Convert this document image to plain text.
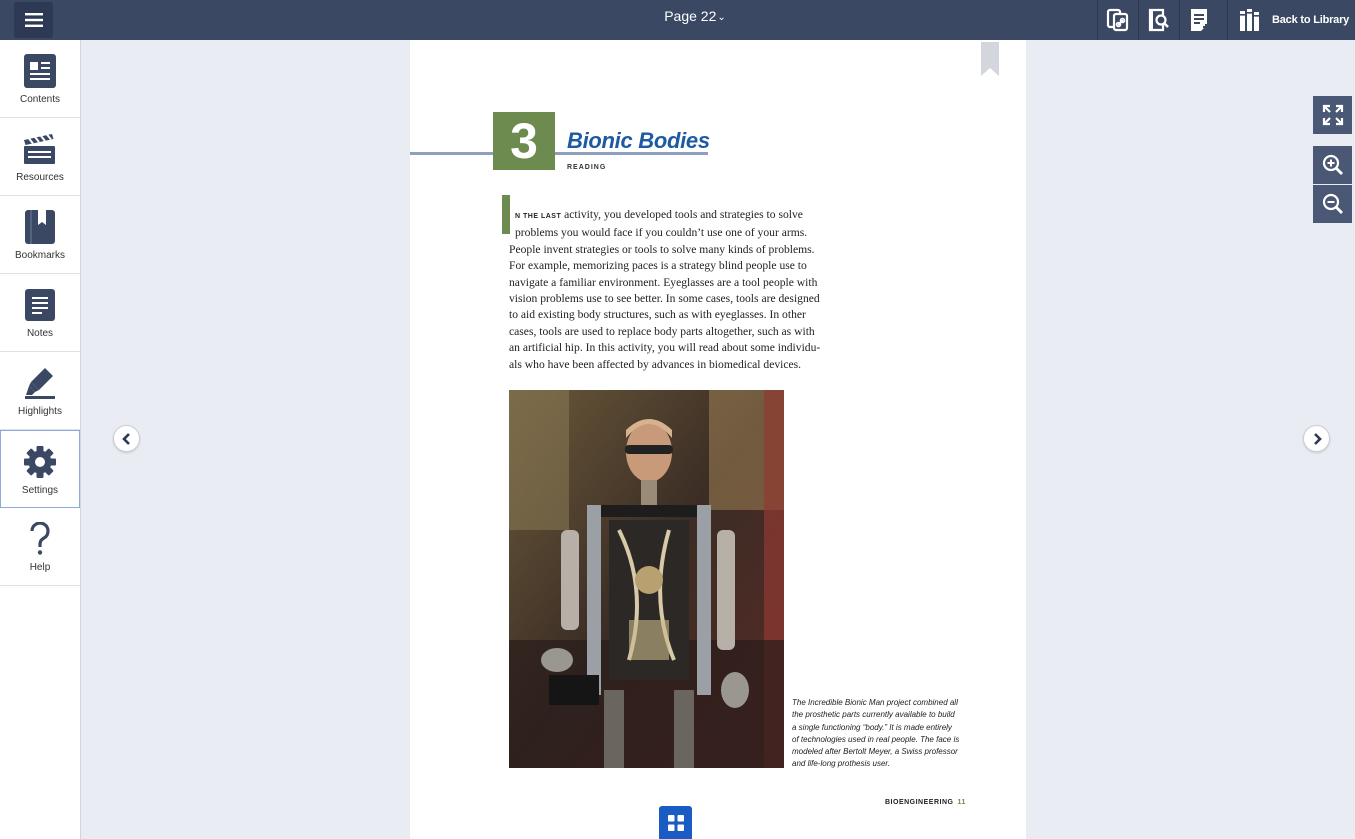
Page 22⌄	Back to Library
Contents
Resources
Bookmarks
Notes
Highlights
Settings
Help
3	Bionic Bodies
READING
N THE LAST activity, you developed tools and strategies to solve
problems you would face if you couldn’t use one of your arms.
People invent strategies or tools to solve many kinds of problems.
For example, memorizing paces is a strategy blind people use to
navigate a familiar environment. Eyeglasses are a tool people with
vision problems use to see better. In some cases, tools are designed
to aid existing body structures, such as with eyeglasses. In other
cases, tools are used to replace body parts altogether, such as with
an artificial hip. In this activity, you will read about some individu-
als who have been affected by advances in biomedical devices.
The Incredible Bionic Man project combined all
the prosthetic parts currently available to build
a single functioning “body.” It is made entirely
of technologies used in real people. The face is
modeled after Bertolt Meyer, a Swiss professor
and life-long prothesis user.
BIOENGINEERING 11
